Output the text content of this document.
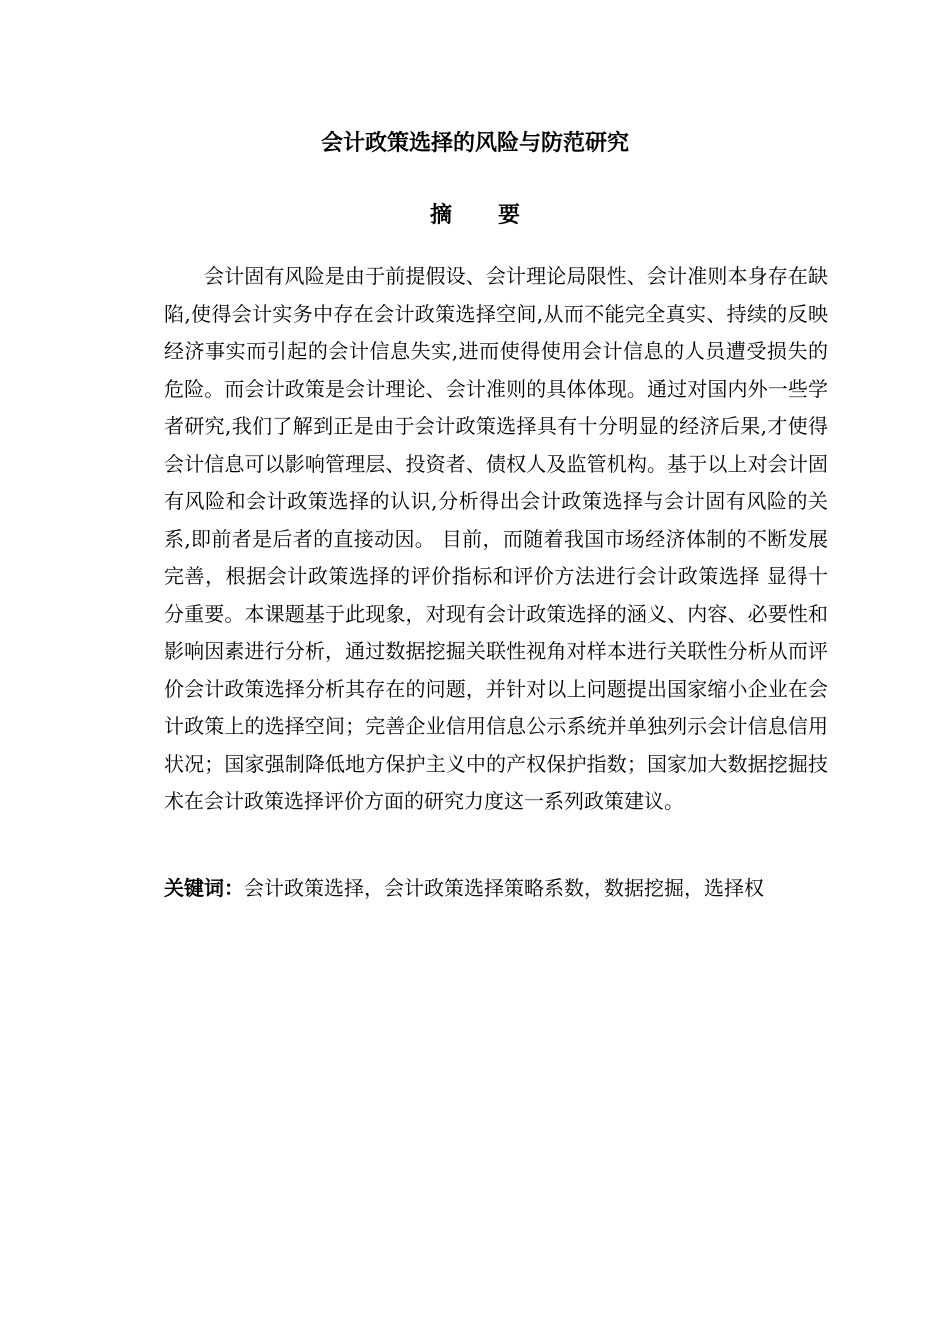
会计政策选择的风险与防范研究
摘 要

会计固有风险是由于前提假设、会计理论局限性、会计准则本身存在缺陷,使得会计实务中存在会计政策选择空间,从而不能完全真实、持续的反映经济事实而引起的会计信息失实,进而使得使用会计信息的人员遭受损失的危险。而会计政策是会计理论、会计准则的具体体现。通过对国内外一些学者研究,我们了解到正是由于会计政策选择具有十分明显的经济后果,才使得会计信息可以影响管理层、投资者、债权人及监管机构。基于以上对会计固有风险和会计政策选择的认识,分析得出会计政策选择与会计固有风险的关系,即前者是后者的直接动因。 目前，而随着我国市场经济体制的不断发展完善，根据会计政策选择的评价指标和评价方法进行会计政策选择 显得十分重要。本课题基于此现象，对现有会计政策选择的涵义、内容、必要性和影响因素进行分析，通过数据挖掘关联性视角对样本进行关联性分析从而评价会计政策选择分析其存在的问题，并针对以上问题提出国家缩小企业在会计政策上的选择空间；完善企业信用信息公示系统并单独列示会计信息信用状况；国家强制降低地方保护主义中的产权保护指数；国家加大数据挖掘技术在会计政策选择评价方面的研究力度这一系列政策建议。

关键词：会计政策选择，会计政策选择策略系数，数据挖掘，选择权
